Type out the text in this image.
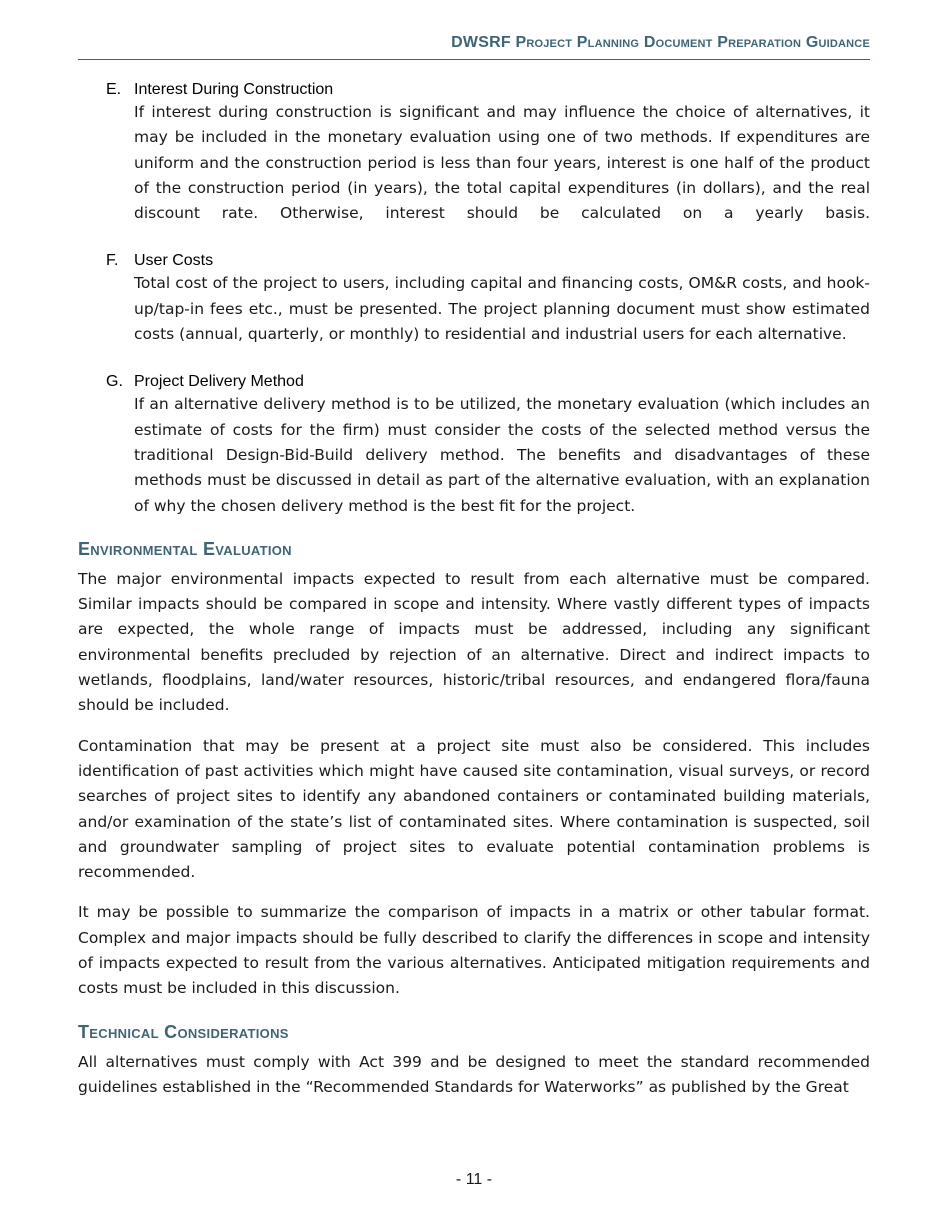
DWSRF Project Planning Document Preparation Guidance
E. Interest During Construction
If interest during construction is significant and may influence the choice of alternatives, it may be included in the monetary evaluation using one of two methods. If expenditures are uniform and the construction period is less than four years, interest is one half of the product of the construction period (in years), the total capital expenditures (in dollars), and the real discount rate. Otherwise, interest should be calculated on a yearly basis.
F. User Costs
Total cost of the project to users, including capital and financing costs, OM&R costs, and hook-up/tap-in fees etc., must be presented. The project planning document must show estimated costs (annual, quarterly, or monthly) to residential and industrial users for each alternative.
G. Project Delivery Method
If an alternative delivery method is to be utilized, the monetary evaluation (which includes an estimate of costs for the firm) must consider the costs of the selected method versus the traditional Design-Bid-Build delivery method. The benefits and disadvantages of these methods must be discussed in detail as part of the alternative evaluation, with an explanation of why the chosen delivery method is the best fit for the project.
Environmental Evaluation

The major environmental impacts expected to result from each alternative must be compared. Similar impacts should be compared in scope and intensity. Where vastly different types of impacts are expected, the whole range of impacts must be addressed, including any significant environmental benefits precluded by rejection of an alternative. Direct and indirect impacts to wetlands, floodplains, land/water resources, historic/tribal resources, and endangered flora/fauna should be included.

Contamination that may be present at a project site must also be considered. This includes identification of past activities which might have caused site contamination, visual surveys, or record searches of project sites to identify any abandoned containers or contaminated building materials, and/or examination of the state’s list of contaminated sites. Where contamination is suspected, soil and groundwater sampling of project sites to evaluate potential contamination problems is recommended.

It may be possible to summarize the comparison of impacts in a matrix or other tabular format. Complex and major impacts should be fully described to clarify the differences in scope and intensity of impacts expected to result from the various alternatives. Anticipated mitigation requirements and costs must be included in this discussion.

Technical Considerations

All alternatives must comply with Act 399 and be designed to meet the standard recommended guidelines established in the “Recommended Standards for Waterworks” as published by the Great

- 11 -
